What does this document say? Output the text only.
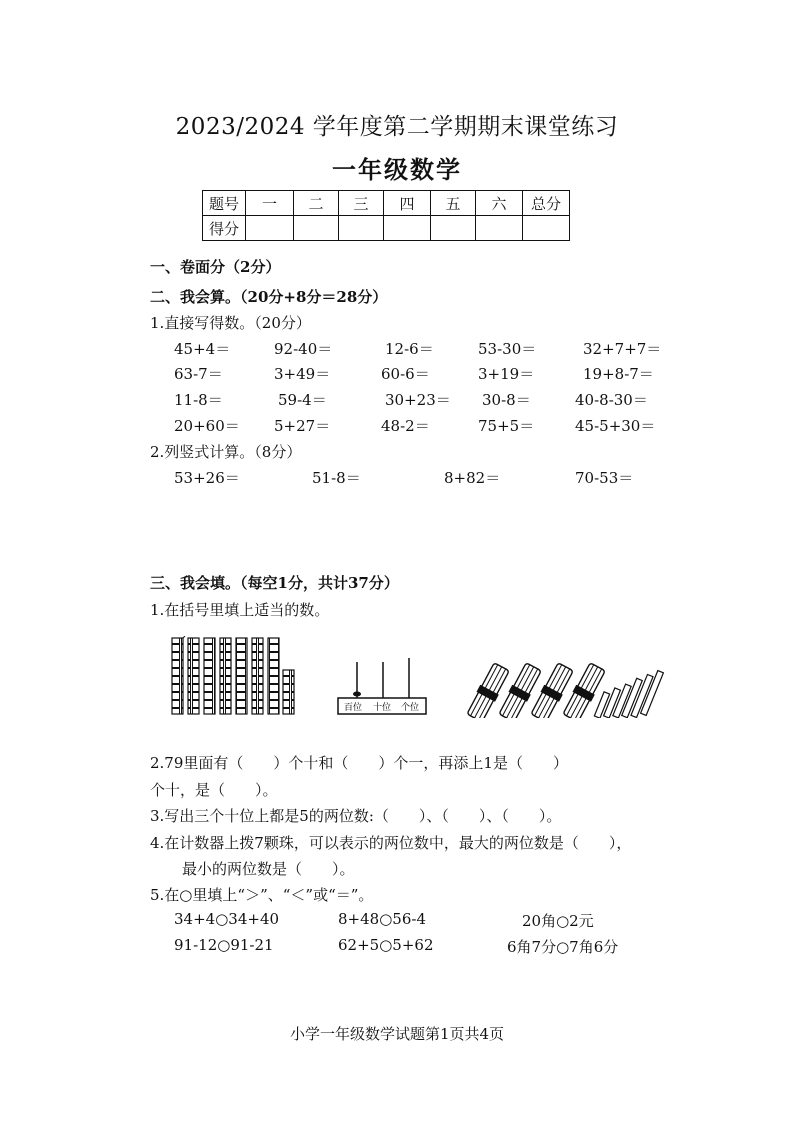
2023/2024 学年度第二学期期末课堂练习
一年级数学
题号	一	二	三	四	五	六	总分
得分							
一、卷面分（2分）
二、我会算。（20分+8分＝28分）
1.直接写得数。（20分）
45+4＝	92-40＝	12-6＝	53-30＝	32+7+7＝
63-7＝	3+49＝	60-6＝	3+19＝	19+8-7＝
11-8＝	59-4＝	30+23＝ 30-8＝	40-8-30＝
20+60＝ 5+27＝	48-2＝	75+5＝	45-5+30＝
2.列竖式计算。（8分）
53+26＝	51-8＝	8+82＝	70-53＝
三、我会填。（每空1分，共计37分）
1.在括号里填上适当的数。
百位 十位 个位
2.79里面有（　　）个十和（　　）个一，再添上1是（　　）
个十，是（　　）。
3.写出三个十位上都是5的两位数:（　　）、（　　）、（　　）。
4.在计数器上拨7颗珠，可以表示的两位数中，最大的两位数是（　　），
最小的两位数是（　　）。
5.在○里填上“＞”、“＜”或“＝”。
34+4○34+40	8+48○56-4	20角○2元
91-12○91-21	62+5○5+62	6角7分○7角6分
小学一年级数学试题第1页共4页
